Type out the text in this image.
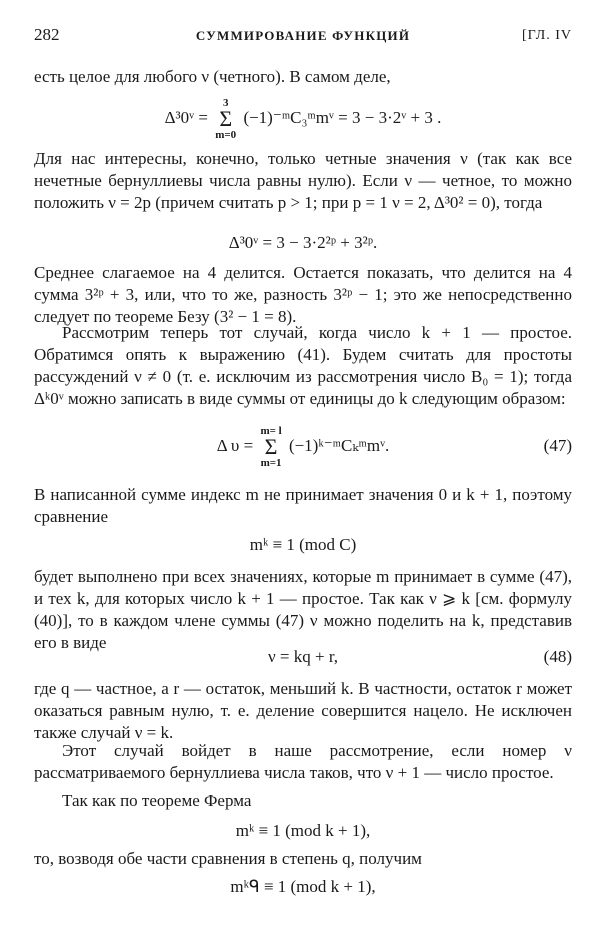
282	СУММИРОВАНИЕ ФУНКЦИЙ	[ГЛ. IV
есть целое для любого ν (четного). В самом деле,
Δ³0ᵛ =
3
Σ
m=0
(−1)⁻ᵐC₃ᵐmᵛ = 3 − 3·2ᵛ + 3 .
Для нас интересны, конечно, только четные значения ν (так как все нечетные бернуллиевы числа равны нулю). Если ν — четное, то можно положить ν = 2p (причем считать p > 1; при p = 1 ν = 2, Δ³0² = 0), тогда
Δ³0ᵛ = 3 − 3·2²ᵖ + 3²ᵖ.
Среднее слагаемое на 4 делится. Остается показать, что делится на 4 сумма 3²ᵖ + 3, или, что то же, разность 3²ᵖ − 1; это же непосредственно следует по теореме Безу (3² − 1 = 8).
Рассмотрим теперь тот случай, когда число k + 1 — простое. Обратимся опять к выражению (41). Будем считать для простоты рассуждений ν ≠ 0 (т. е. исключим из рассмотрения число B₀ = 1); тогда Δᵏ0ᵛ можно записать в виде суммы от единицы до k следующим образом:
Δ υ =
m= l
Σ
m=1
(−1)ᵏ⁻ᵐCₖᵐmᵛ.	(47)
В написанной сумме индекс m не принимает значения 0 и k + 1, поэтому сравнение
mᵏ ≡ 1 (mod C)
будет выполнено при всех значениях, которые m принимает в сумме (47), и тех k, для которых число k + 1 — простое. Так как ν ⩾ k [см. формулу (40)], то в каждом члене суммы (47) ν можно поделить на k, представив его в виде
ν = kq + r,	(48)
где q — частное, а r — остаток, меньший k. В частности, остаток r может оказаться равным нулю, т. е. деление совершится нацело. Не исключен также случай ν = k.
Этот случай войдет в наше рассмотрение, если номер ν рассматриваемого бернуллиева числа таков, что ν + 1 — число простое.
Так как по теореме Ферма
mᵏ ≡ 1 (mod k + 1),
то, возводя обе части сравнения в степень q, получим
mᵏᑫ ≡ 1 (mod k + 1),
